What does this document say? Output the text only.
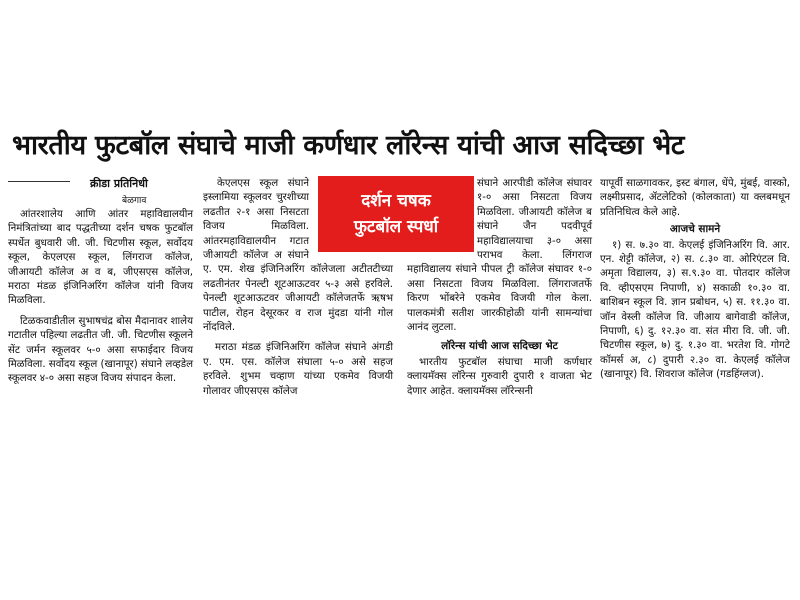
भारतीय फुटबॉल संघाचे माजी कर्णधार लॉरेन्स यांची आज सदिच्छा भेट
क्रीडा प्रतिनिधी
बेळगाव

आंतरशालेय आणि आंतर महाविद्यालयीन निमंत्रितांच्या बाद पद्धतीच्या दर्शन चषक फुटबॉल स्पर्धेत बुधवारी जी. जी. चिटणीस स्कूल, सर्वोदय स्कूल, केएलएस स्कूल, लिंगराज कॉलेज, जीआयटी कॉलेज अ व ब, जीएसएस कॉलेज, मराठा मंडळ इंजिनिअरिंग कॉलेज यांनी विजय मिळविला.

टिळकवाडीतील सुभाषचंद्र बोस मैदानावर शालेय गटातील पहिल्या लढतीत जी. जी. चिटणीस स्कूलने सेंट जर्मन स्कूलवर ५-० असा सफाईदार विजय मिळविला. सर्वोदय स्कूल (खानापूर) संघाने लव्हडेल स्कूलवर ४-० असा सहज विजय संपादन केला.

केएलएस स्कूल संघाने इस्लामिया स्कूलवर चुरशीच्या लढतीत २-१ असा निसटता विजय मिळविला. आंतरमहाविद्यालयीन गटात जीआयटी कॉलेज अ संघाने ए. एम. शेख इंजिनिअरिंग कॉलेजला अटीतटीच्या लढतीनंतर पेनल्टी शूटआऊटवर ५-३ असे हरविले. पेनल्टी शूटआऊटवर जीआयटी कॉलेजतर्फे ऋषभ पाटील, रोहन देसूरकर व राज मुंदडा यांनी गोल नोंदविले.

मराठा मंडळ इंजिनिअरिंग कॉलेज संघाने अंगडी ए. एम. एस. कॉलेज संघाला ५-० असे सहज हरविले. शुभम चव्हाण यांच्या एकमेव विजयी गोलावर जीएसएस कॉलेज

दर्शन चषक
फुटबॉल स्पर्धा

संघाने आरपीडी कॉलेज संघावर १-० असा निसटता विजय मिळविला. जीआयटी कॉलेज ब संघाने जैन पदवीपूर्व महाविद्यालयाचा ३-० असा पराभव केला. लिंगराज महाविद्यालय संघाने पीपल ट्री कॉलेज संघावर १-० असा निसटता विजय मिळविला. लिंगराजतर्फे किरण भोंबरेने एकमेव विजयी गोल केला. पालकमंत्री सतीश जारकीहोळी यांनी सामन्यांचा आनंद लुटला.

लॉरेन्स यांची आज सदिच्छा भेट

भारतीय फुटबॉल संघाचा माजी कर्णधार क्लायमॅक्स लॉरेन्स गुरुवारी दुपारी १ वाजता भेट देणार आहेत. क्लायमॅक्स लॉरेन्सनी

यापूर्वी साळगावकर, इस्ट बंगाल, धेंपे, मुंबई, वास्को, लक्ष्मीप्रसाद, ॲटलेटिको (कोलकाता) या क्लबमधून प्रतिनिधित्व केले आहे.

आजचे सामने

१) स. ७.३० वा. केएलई इंजिनिअरिंग वि. आर. एन. शेट्टी कॉलेज, २) स. ८.३० वा. ओरिएंटल वि. अमृता विद्यालय, ३) स.९.३० वा. पोतदार कॉलेज वि. व्हीएसएम निपाणी, ४) सकाळी १०.३० वा. बाशिबन स्कूल वि. ज्ञान प्रबोधन, ५) स. ११.३० वा. जॉन वेस्ली कॉलेज वि. जीआय बागेवाडी कॉलेज, निपाणी, ६) दु. १२.३० वा. संत मीरा वि. जी. जी. चिटणीस स्कूल, ७) दु. १.३० वा. भरतेश वि. गोगटे कॉमर्स अ, ८) दुपारी २.३० वा. केएलई कॉलेज (खानापूर) वि. शिवराज कॉलेज (गडहिंग्लज).
